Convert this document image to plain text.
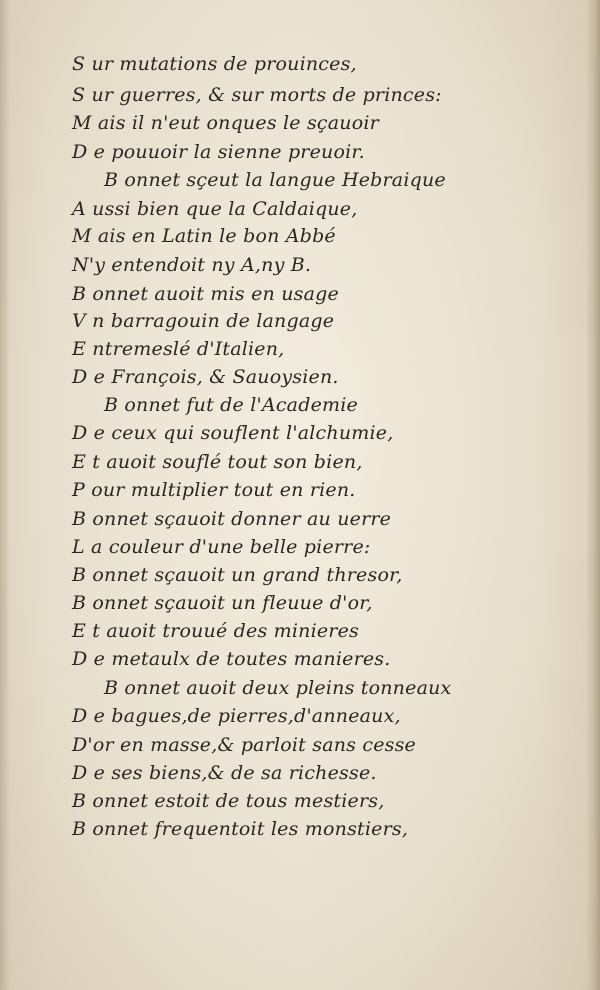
S ur mutations de prouinces,
S ur guerres, & sur morts de princes:
M ais il n'eut onques le sçauoir
D e pouuoir la sienne preuoir.
B onnet sçeut la langue Hebraique
A ussi bien que la Caldaique,
M ais en Latin le bon Abbé
N'y entendoit ny A,ny B.
B onnet auoit mis en usage
V n barragouin de langage
E ntremeslé d'Italien,
D e François, & Sauoysien.
B onnet fut de l'Academie
D e ceux qui souflent l'alchumie,
E t auoit souflé tout son bien,
P our multiplier tout en rien.
B onnet sçauoit donner au uerre
L a couleur d'une belle pierre:
B onnet sçauoit un grand thresor,
B onnet sçauoit un fleuue d'or,
E t auoit trouué des minieres
D e metaulx de toutes manieres.
B onnet auoit deux pleins tonneaux
D e bagues,de pierres,d'anneaux,
D'or en masse,& parloit sans cesse
D e ses biens,& de sa richesse.
B onnet estoit de tous mestiers,
B onnet frequentoit les monstiers,
